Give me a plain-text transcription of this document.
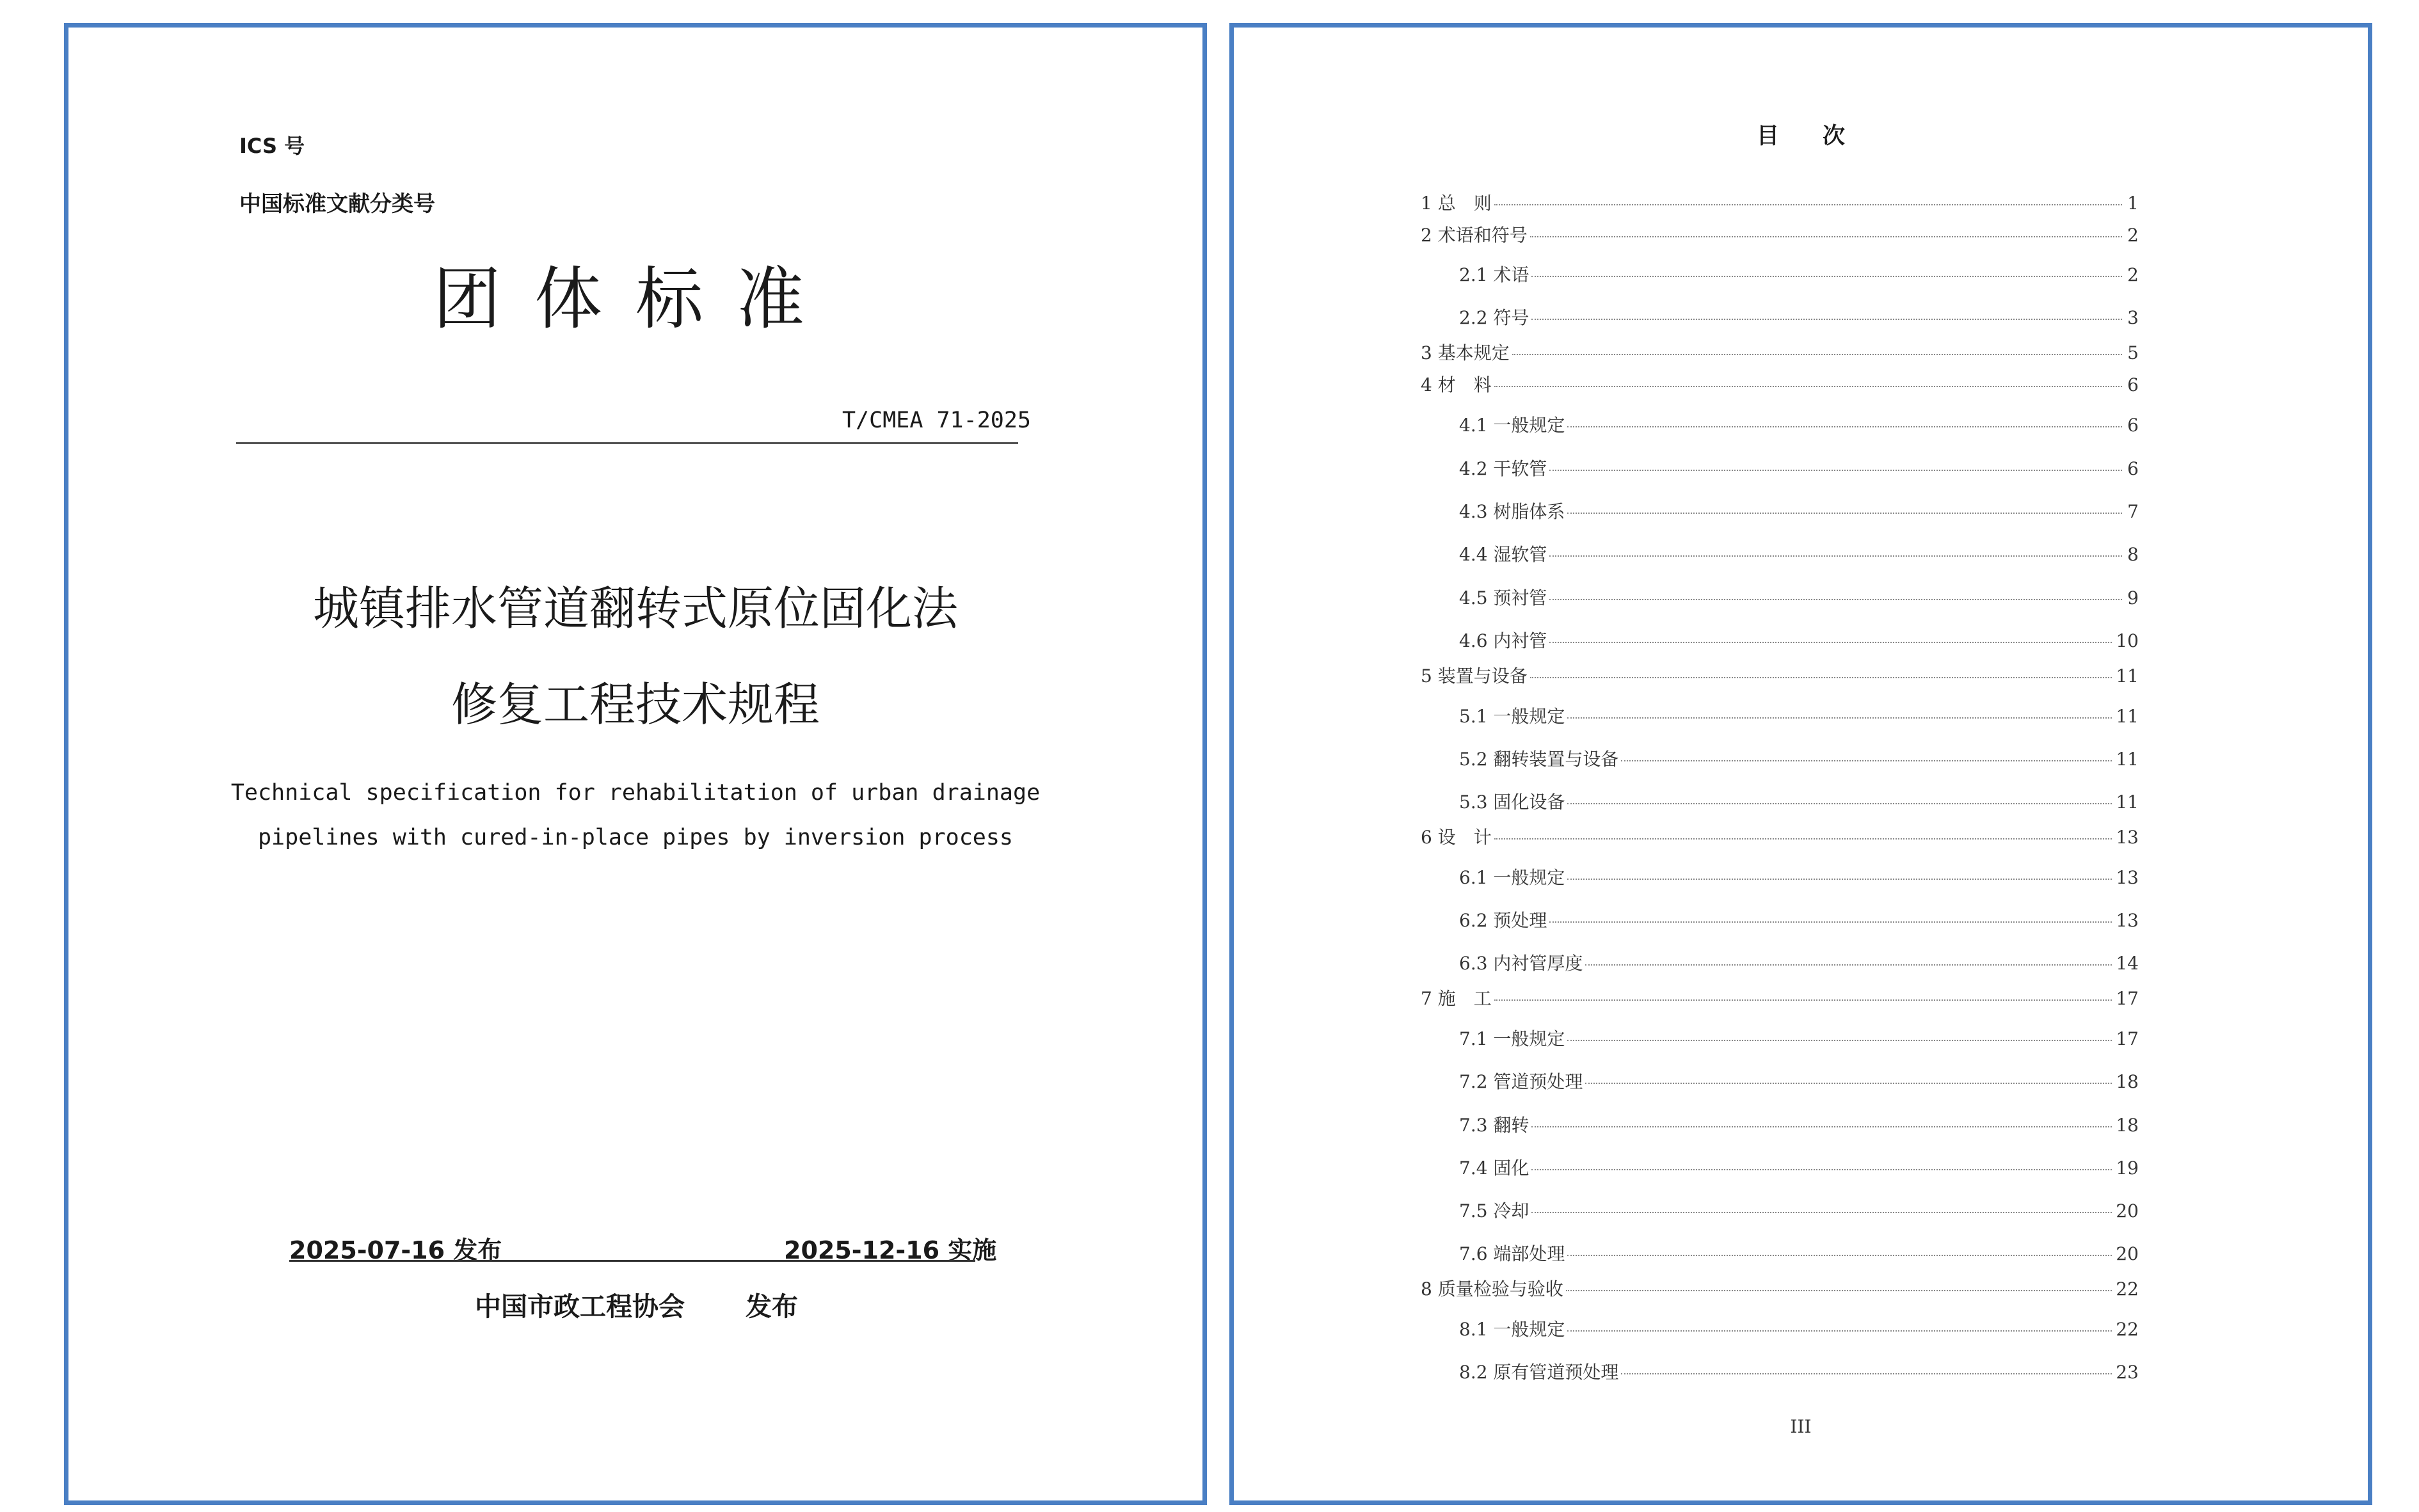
ICS 号
中国标准文献分类号
团体标准
T/CMEA 71-2025
城镇排水管道翻转式原位固化法
修复工程技术规程
Technical specification for rehabilitation of urban drainage
pipelines with cured-in-place pipes by inversion process
2025-07-16 发布	2025-12-16 实施
中国市政工程协会 发布
目次
1 总　则	1
2 术语和符号	2
2.1 术语	2
2.2 符号	3
3 基本规定	5
4 材　料	6
4.1 一般规定	6
4.2 干软管	6
4.3 树脂体系	7
4.4 湿软管	8
4.5 预衬管	9
4.6 内衬管	10
5 装置与设备	11
5.1 一般规定	11
5.2 翻转装置与设备	11
5.3 固化设备	11
6 设　计	13
6.1 一般规定	13
6.2 预处理	13
6.3 内衬管厚度	14
7 施　工	17
7.1 一般规定	17
7.2 管道预处理	18
7.3 翻转	18
7.4 固化	19
7.5 冷却	20
7.6 端部处理	20
8 质量检验与验收	22
8.1 一般规定	22
8.2 原有管道预处理	23
III
